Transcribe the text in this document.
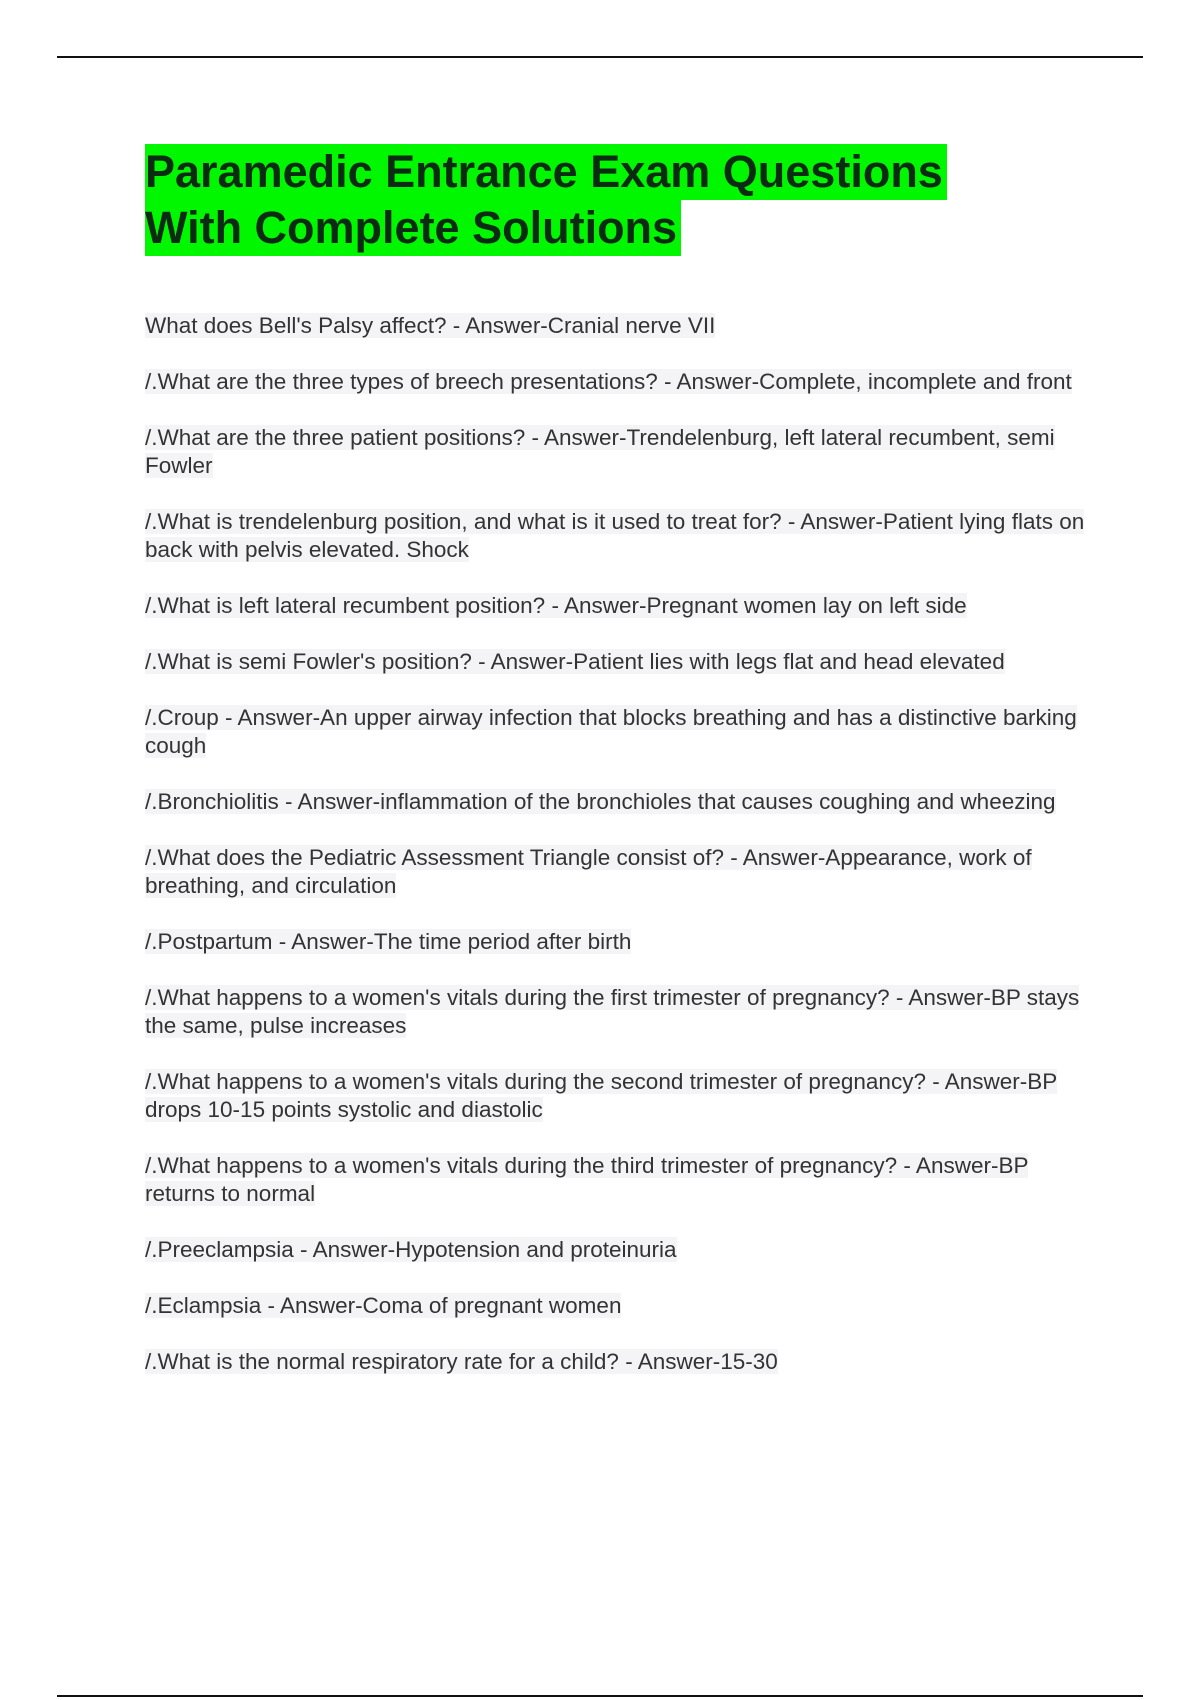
Paramedic Entrance Exam Questions
With Complete Solutions
What does Bell's Palsy affect? - Answer-Cranial nerve VII
/.What are the three types of breech presentations? - Answer-Complete, incomplete and front
/.What are the three patient positions? - Answer-Trendelenburg, left lateral recumbent, semi Fowler
/.What is trendelenburg position, and what is it used to treat for? - Answer-Patient lying flats on back with pelvis elevated. Shock
/.What is left lateral recumbent position? - Answer-Pregnant women lay on left side
/.What is semi Fowler's position? - Answer-Patient lies with legs flat and head elevated
/.Croup - Answer-An upper airway infection that blocks breathing and has a distinctive barking cough
/.Bronchiolitis - Answer-inflammation of the bronchioles that causes coughing and wheezing
/.What does the Pediatric Assessment Triangle consist of? - Answer-Appearance, work of breathing, and circulation
/.Postpartum - Answer-The time period after birth
/.What happens to a women's vitals during the first trimester of pregnancy? - Answer-BP stays the same, pulse increases
/.What happens to a women's vitals during the second trimester of pregnancy? - Answer-BP drops 10-15 points systolic and diastolic
/.What happens to a women's vitals during the third trimester of pregnancy? - Answer-BP returns to normal
/.Preeclampsia - Answer-Hypotension and proteinuria
/.Eclampsia - Answer-Coma of pregnant women
/.What is the normal respiratory rate for a child? - Answer-15-30
